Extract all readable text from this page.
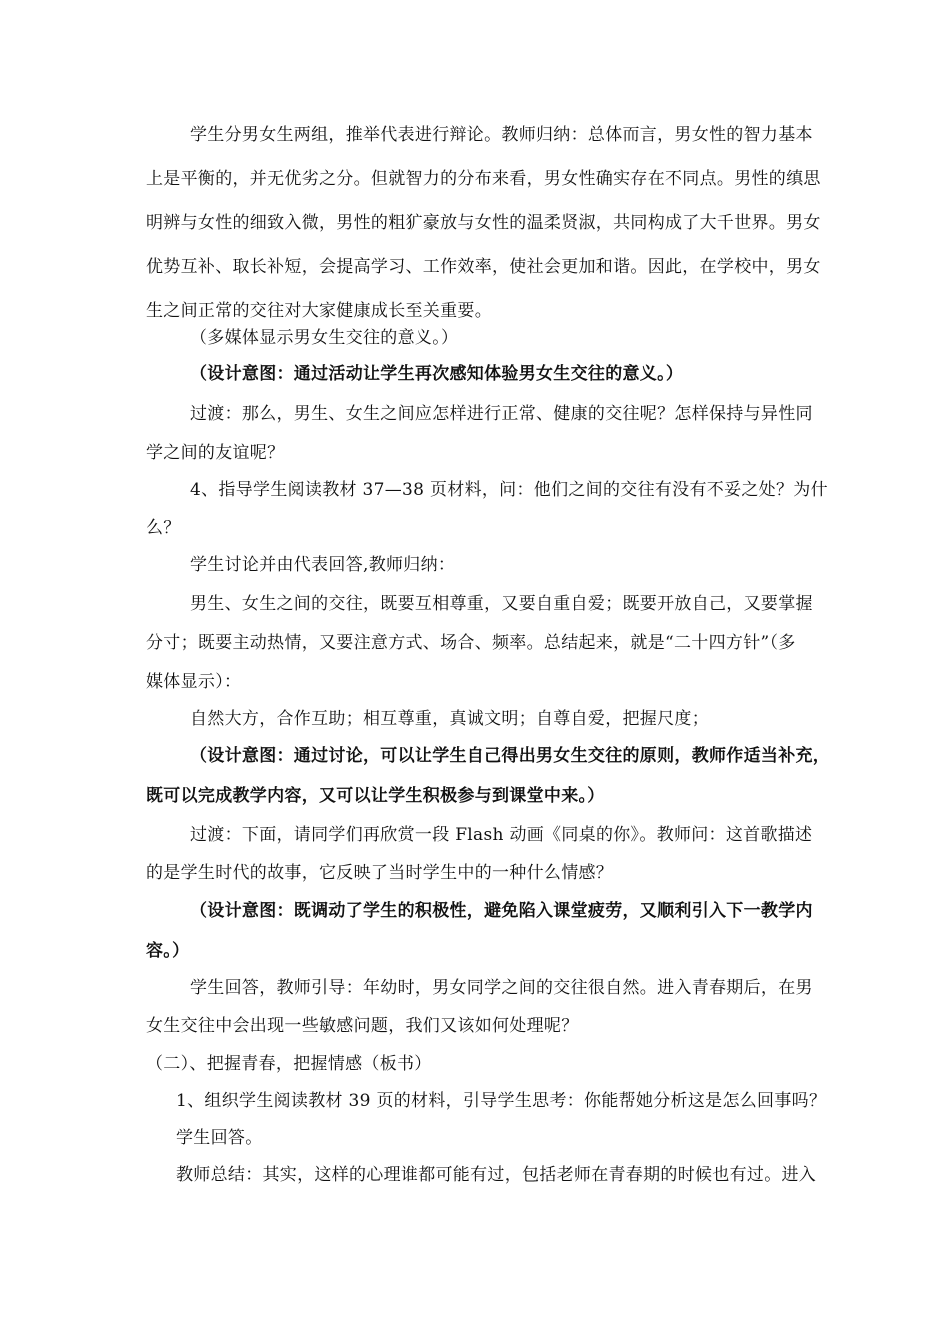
学生分男女生两组，推举代表进行辩论。教师归纳：总体而言，男女性的智力基本
上是平衡的，并无优劣之分。但就智力的分布来看，男女性确实存在不同点。男性的缜思
明辨与女性的细致入微，男性的粗犷豪放与女性的温柔贤淑，共同构成了大千世界。男女
优势互补、取长补短，会提高学习、工作效率，使社会更加和谐。因此，在学校中，男女
生之间正常的交往对大家健康成长至关重要。
（多媒体显示男女生交往的意义。）
（设计意图：通过活动让学生再次感知体验男女生交往的意义。）
过渡：那么，男生、女生之间应怎样进行正常、健康的交往呢？怎样保持与异性同
学之间的友谊呢？
4、指导学生阅读教材 37—38 页材料，问：他们之间的交往有没有不妥之处？为什
么？
学生讨论并由代表回答,教师归纳：
男生、女生之间的交往，既要互相尊重，又要自重自爱；既要开放自己，又要掌握
分寸；既要主动热情，又要注意方式、场合、频率。总结起来，就是“二十四方针”（多
媒体显示）：
自然大方，合作互助；相互尊重，真诚文明；自尊自爱，把握尺度；
（设计意图：通过讨论，可以让学生自己得出男女生交往的原则，教师作适当补充，
既可以完成教学内容，又可以让学生积极参与到课堂中来。）
过渡：下面，请同学们再欣赏一段 Flash 动画《同桌的你》。教师问：这首歌描述
的是学生时代的故事，它反映了当时学生中的一种什么情感？
（设计意图：既调动了学生的积极性，避免陷入课堂疲劳，又顺利引入下一教学内
容。）
学生回答，教师引导：年幼时，男女同学之间的交往很自然。进入青春期后，在男
女生交往中会出现一些敏感问题，我们又该如何处理呢？
（二）、把握青春，把握情感（板书）
1、组织学生阅读教材 39 页的材料，引导学生思考：你能帮她分析这是怎么回事吗？
学生回答。
教师总结：其实，这样的心理谁都可能有过，包括老师在青春期的时候也有过。进入
